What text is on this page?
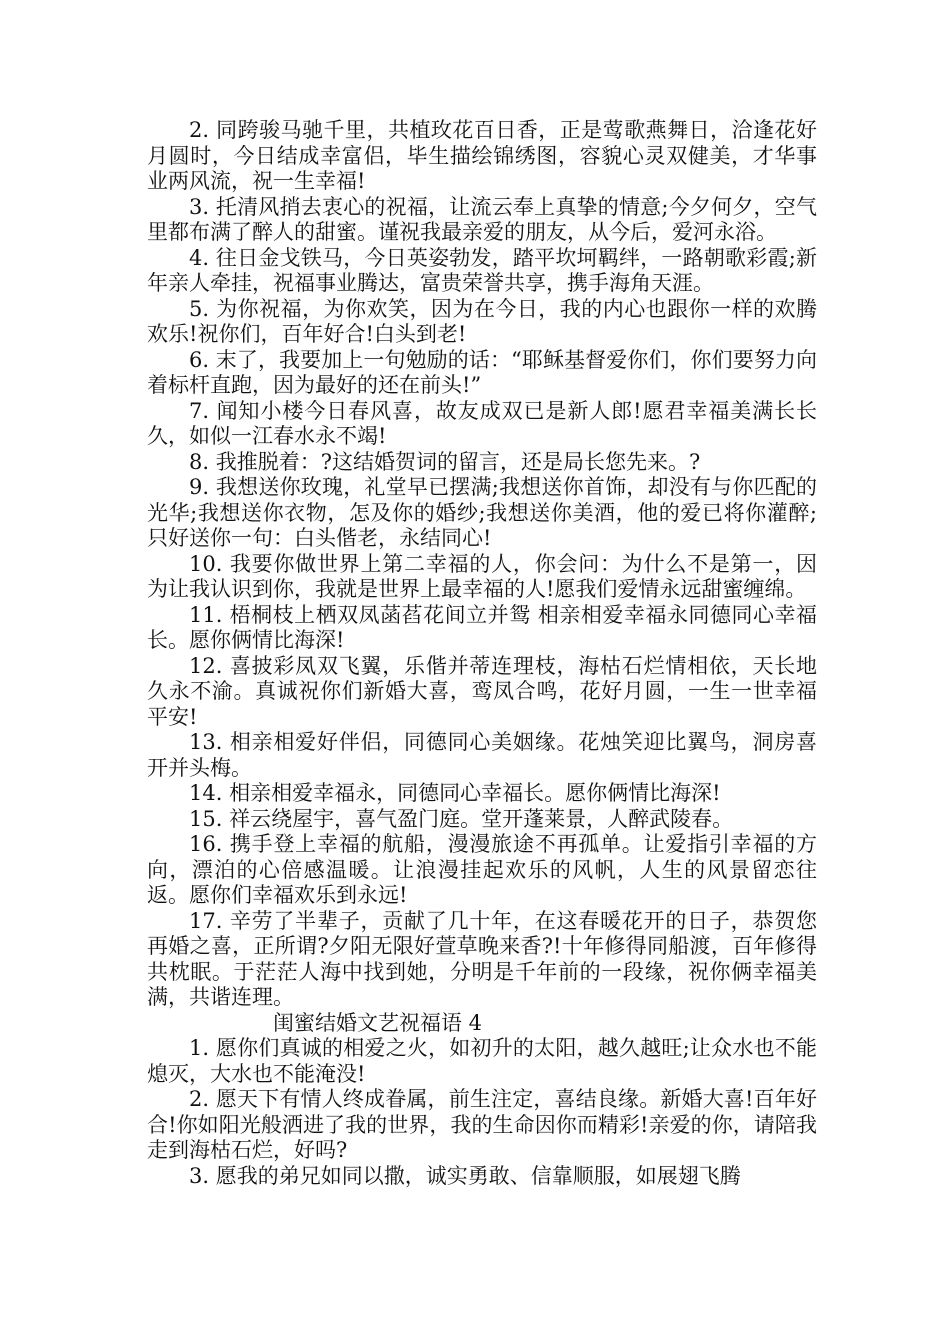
2. 同跨骏马驰千里，共植玫花百日香，正是莺歌燕舞日，洽逢花好月圆时，今日结成幸富侣，毕生描绘锦绣图，容貌心灵双健美，才华事业两风流，祝一生幸福!

3. 托清风捎去衷心的祝福，让流云奉上真挚的情意;今夕何夕，空气里都布满了醉人的甜蜜。谨祝我最亲爱的朋友，从今后，爱河永浴。

4. 往日金戈铁马，今日英姿勃发，踏平坎坷羁绊，一路朝歌彩霞;新年亲人牵挂，祝福事业腾达，富贵荣誉共享，携手海角天涯。

5. 为你祝福，为你欢笑，因为在今日，我的内心也跟你一样的欢腾欢乐!祝你们，百年好合!白头到老!

6. 末了，我要加上一句勉励的话：“耶稣基督爱你们，你们要努力向着标杆直跑，因为最好的还在前头!”

7. 闻知小楼今日春风喜，故友成双已是新人郎!愿君幸福美满长长久，如似一江春水永不竭!

8. 我推脱着：?这结婚贺词的留言，还是局长您先来。?

9. 我想送你玫瑰，礼堂早已摆满;我想送你首饰，却没有与你匹配的光华;我想送你衣物，怎及你的婚纱;我想送你美酒，他的爱已将你灌醉;只好送你一句：白头偕老，永结同心!

10. 我要你做世界上第二幸福的人，你会问：为什么不是第一，因为让我认识到你，我就是世界上最幸福的人!愿我们爱情永远甜蜜缠绵。

11. 梧桐枝上栖双凤菡萏花间立并鸳 相亲相爱幸福永同德同心幸福长。愿你俩情比海深!

12. 喜披彩凤双飞翼，乐偕并蒂连理枝，海枯石烂情相依，天长地久永不渝。真诚祝你们新婚大喜，鸾凤合鸣，花好月圆，一生一世幸福平安!

13. 相亲相爱好伴侣，同德同心美姻缘。花烛笑迎比翼鸟，洞房喜开并头梅。

14. 相亲相爱幸福永，同德同心幸福长。愿你俩情比海深!

15. 祥云绕屋宇，喜气盈门庭。堂开蓬莱景，人醉武陵春。

16. 携手登上幸福的航船，漫漫旅途不再孤单。让爱指引幸福的方向，漂泊的心倍感温暖。让浪漫挂起欢乐的风帆，人生的风景留恋往返。愿你们幸福欢乐到永远!

17. 辛劳了半辈子，贡献了几十年，在这春暖花开的日子，恭贺您再婚之喜，正所谓?夕阳无限好萱草晚来香?!十年修得同船渡，百年修得共枕眠。于茫茫人海中找到她，分明是千年前的一段缘，祝你俩幸福美满，共谐连理。

闺蜜结婚文艺祝福语 4

1. 愿你们真诚的相爱之火，如初升的太阳，越久越旺;让众水也不能熄灭，大水也不能淹没!

2. 愿天下有情人终成眷属，前生注定，喜结良缘。新婚大喜!百年好合!你如阳光般洒进了我的世界，我的生命因你而精彩!亲爱的你，请陪我走到海枯石烂，好吗?

3. 愿我的弟兄如同以撒，诚实勇敢、信靠顺服，如展翅飞腾
